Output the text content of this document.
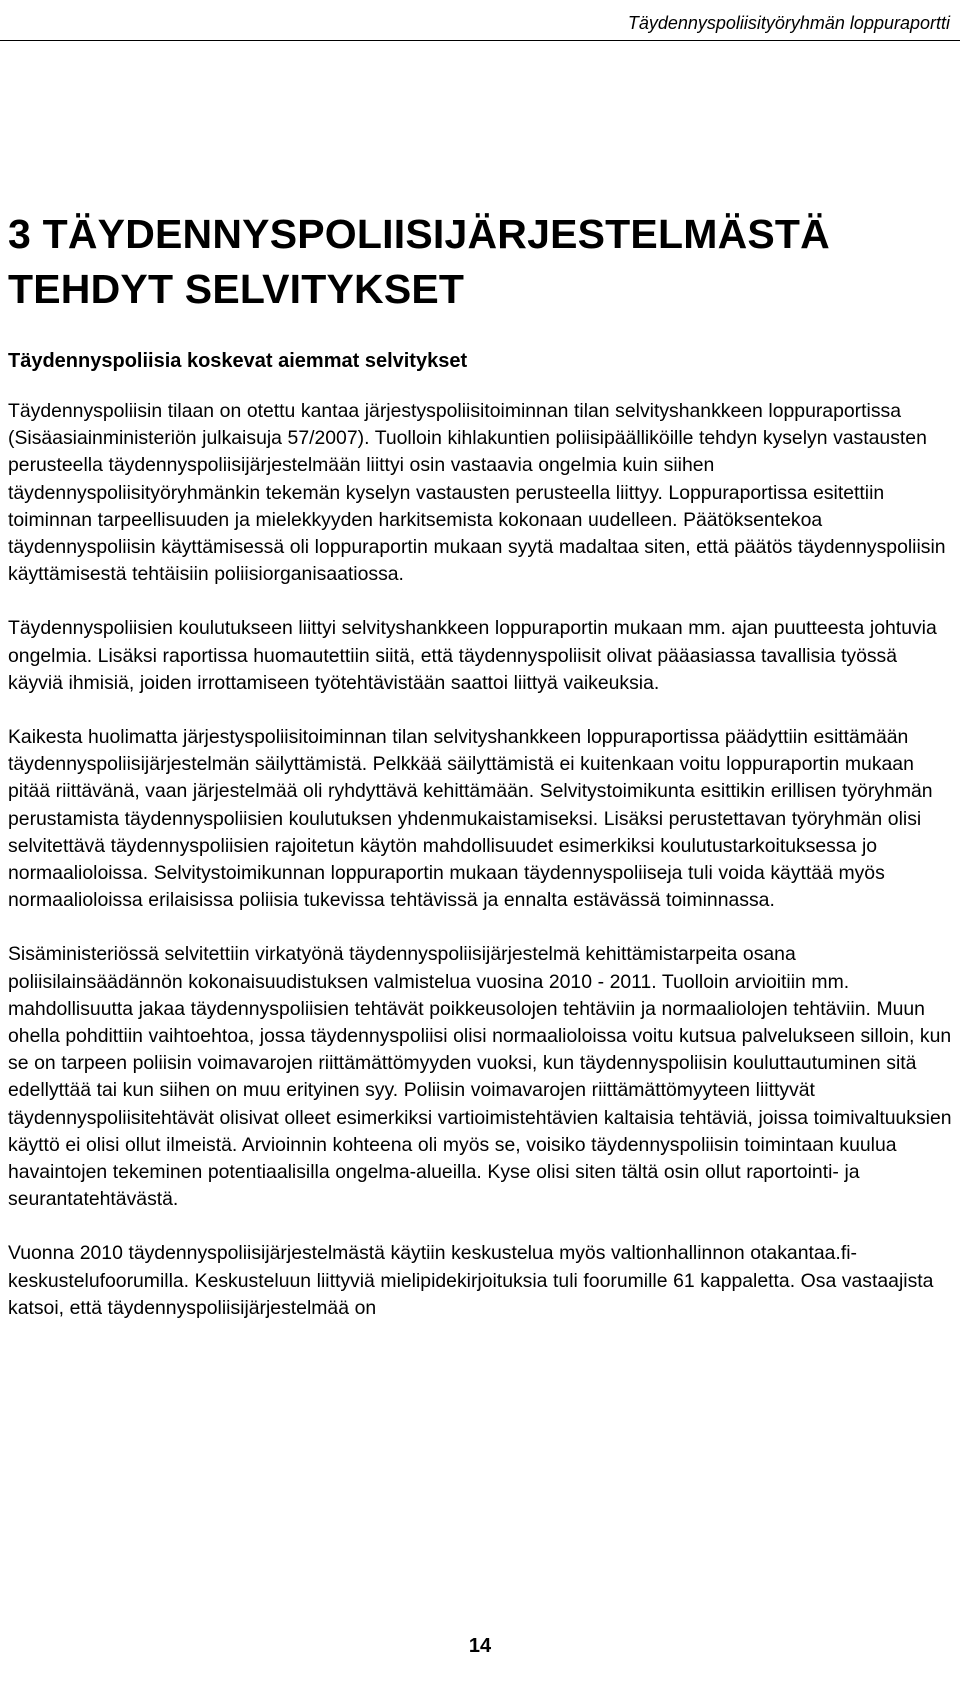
Täydennyspoliisityöryhmän loppuraportti
3 TÄYDENNYSPOLIISIJÄRJESTELMÄSTÄ TEHDYT SELVITYKSET
Täydennyspoliisia koskevat aiemmat selvitykset

Täydennyspoliisin tilaan on otettu kantaa järjestyspoliisitoiminnan tilan selvityshankkeen loppuraportissa (Sisäasiainministeriön julkaisuja 57/2007). Tuolloin kihlakuntien poliisipäälliköille tehdyn kyselyn vastausten perusteella täydennyspoliisijärjestelmään liittyi osin vastaavia ongelmia kuin siihen täydennyspoliisityöryhmänkin tekemän kyselyn vastausten perusteella liittyy. Loppuraportissa esitettiin toiminnan tarpeellisuuden ja mielekkyyden harkitsemista kokonaan uudelleen. Päätöksentekoa täydennyspoliisin käyttämisessä oli loppuraportin mukaan syytä madaltaa siten, että päätös täydennyspoliisin käyttämisestä tehtäisiin poliisiorganisaatiossa.

Täydennyspoliisien koulutukseen liittyi selvityshankkeen loppuraportin mukaan mm. ajan puutteesta johtuvia ongelmia. Lisäksi raportissa huomautettiin siitä, että täydennyspoliisit olivat pääasiassa tavallisia työssä käyviä ihmisiä, joiden irrottamiseen työtehtävistään saattoi liittyä vaikeuksia.

Kaikesta huolimatta järjestyspoliisitoiminnan tilan selvityshankkeen loppuraportissa päädyttiin esittämään täydennyspoliisijärjestelmän säilyttämistä. Pelkkää säilyttämistä ei kuitenkaan voitu loppuraportin mukaan pitää riittävänä, vaan järjestelmää oli ryhdyttävä kehittämään. Selvitystoimikunta esittikin erillisen työryhmän perustamista täydennyspoliisien koulutuksen yhdenmukaistamiseksi. Lisäksi perustettavan työryhmän olisi selvitettävä täydennyspoliisien rajoitetun käytön mahdollisuudet esimerkiksi koulutustarkoituksessa jo normaalioloissa. Selvitystoimikunnan loppuraportin mukaan täydennyspoliiseja tuli voida käyttää myös normaalioloissa erilaisissa poliisia tukevissa tehtävissä ja ennalta estävässä toiminnassa.

Sisäministeriössä selvitettiin virkatyönä täydennyspoliisijärjestelmä kehittämistarpeita osana poliisilainsäädännön kokonaisuudistuksen valmistelua vuosina 2010 - 2011. Tuolloin arvioitiin mm. mahdollisuutta jakaa täydennyspoliisien tehtävät poikkeusolojen tehtäviin ja normaaliolojen tehtäviin. Muun ohella pohdittiin vaihtoehtoa, jossa täydennyspoliisi olisi normaalioloissa voitu kutsua palvelukseen silloin, kun se on tarpeen poliisin voimavarojen riittämättömyyden vuoksi, kun täydennyspoliisin kouluttautuminen sitä edellyttää tai kun siihen on muu erityinen syy. Poliisin voimavarojen riittämättömyyteen liittyvät täydennyspoliisitehtävät olisivat olleet esimerkiksi vartioimistehtävien kaltaisia tehtäviä, joissa toimivaltuuksien käyttö ei olisi ollut ilmeistä. Arvioinnin kohteena oli myös se, voisiko täydennyspoliisin toimintaan kuulua havaintojen tekeminen potentiaalisilla ongelma-alueilla. Kyse olisi siten tältä osin ollut raportointi- ja seurantatehtävästä.

Vuonna 2010 täydennyspoliisijärjestelmästä käytiin keskustelua myös valtionhallinnon otakantaa.fi-keskustelufoorumilla. Keskusteluun liittyviä mielipidekirjoituksia tuli foorumille 61 kappaletta. Osa vastaajista katsoi, että täydennyspoliisijärjestelmää on

14
